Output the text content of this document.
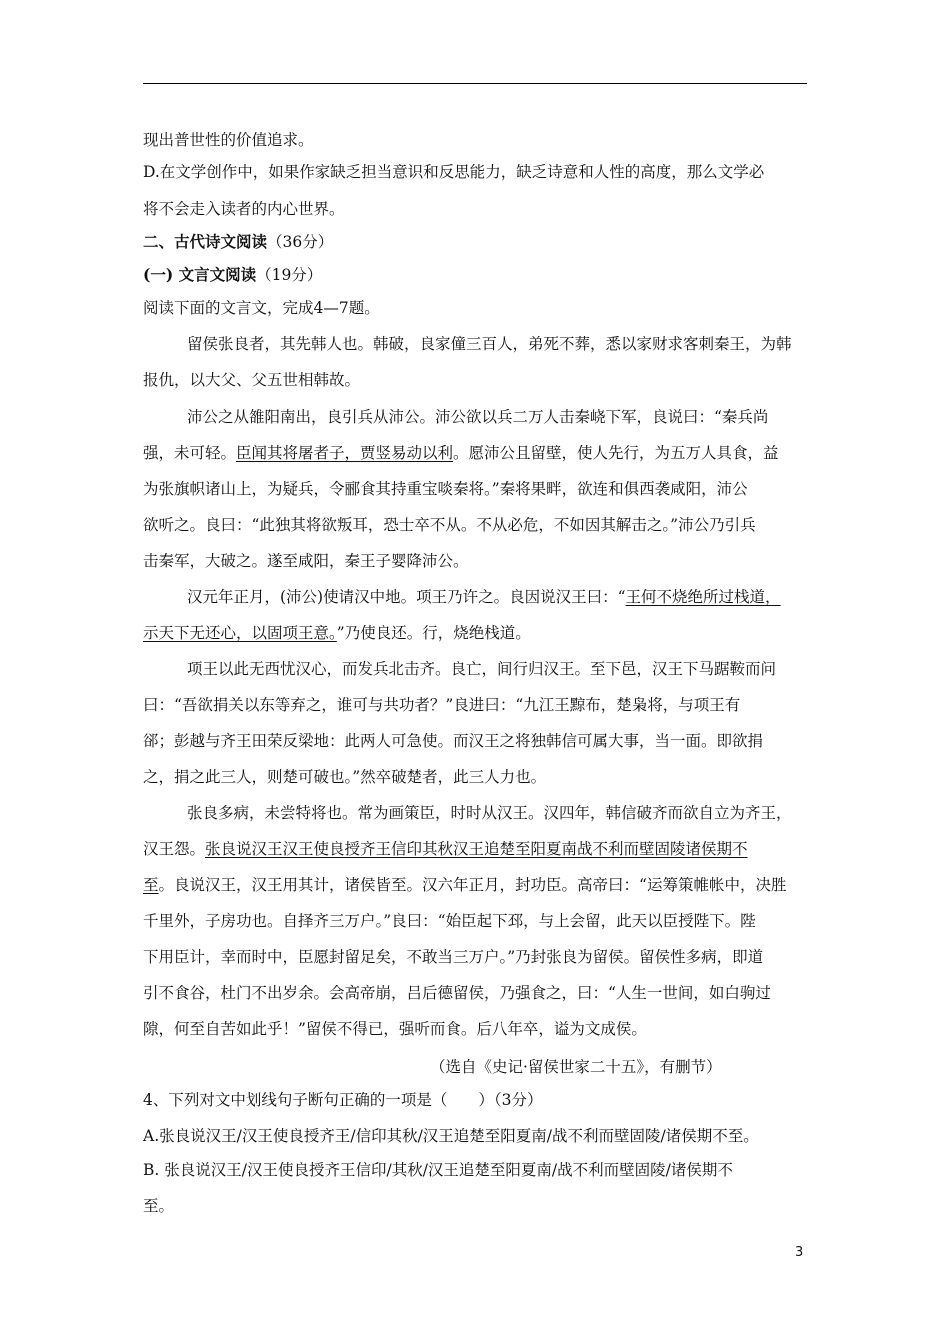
现出普世性的价值追求。
D.在文学创作中，如果作家缺乏担当意识和反思能力，缺乏诗意和人性的高度，那么文学必
将不会走入读者的内心世界。
二、古代诗文阅读（36分）
(一) 文言文阅读（19分）
阅读下面的文言文，完成4—7题。
留侯张良者，其先韩人也。韩破，良家僮三百人，弟死不葬，悉以家财求客刺秦王，为韩
报仇，以大父、父五世相韩故。
沛公之从雒阳南出，良引兵从沛公。沛公欲以兵二万人击秦峣下军，良说曰：“秦兵尚
强，未可轻。臣闻其将屠者子，贾竖易动以利。愿沛公且留壁，使人先行，为五万人具食，益
为张旗帜诸山上，为疑兵，令郦食其持重宝啖秦将。”秦将果畔，欲连和俱西袭咸阳，沛公
欲听之。良曰：“此独其将欲叛耳，恐士卒不从。不从必危，不如因其解击之。”沛公乃引兵
击秦军，大破之。遂至咸阳，秦王子婴降沛公。
汉元年正月，(沛公)使请汉中地。项王乃许之。良因说汉王曰：“王何不烧绝所过栈道，
示天下无还心，以固项王意。”乃使良还。行，烧绝栈道。
项王以此无西忧汉心，而发兵北击齐。良亡，间行归汉王。至下邑，汉王下马踞鞍而问
曰：“吾欲捐关以东等弃之，谁可与共功者？”良进曰：“九江王黥布，楚枭将，与项王有
郤；彭越与齐王田荣反梁地：此两人可急使。而汉王之将独韩信可属大事，当一面。即欲捐
之，捐之此三人，则楚可破也。”然卒破楚者，此三人力也。
张良多病，未尝特将也。常为画策臣，时时从汉王。汉四年，韩信破齐而欲自立为齐王，
汉王怨。张良说汉王汉王使良授齐王信印其秋汉王追楚至阳夏南战不利而壁固陵诸侯期不
至。良说汉王，汉王用其计，诸侯皆至。汉六年正月，封功臣。高帝曰：“运筹策帷帐中，决胜
千里外，子房功也。自择齐三万户。”良曰：“始臣起下邳，与上会留，此天以臣授陛下。陛
下用臣计，幸而时中，臣愿封留足矣，不敢当三万户。”乃封张良为留侯。留侯性多病，即道
引不食谷，杜门不出岁余。会高帝崩，吕后德留侯，乃强食之，曰：“人生一世间，如白驹过
隙，何至自苦如此乎！”留侯不得已，强听而食。后八年卒，谥为文成侯。
（选自《史记·留侯世家二十五》，有删节）
4、下列对文中划线句子断句正确的一项是（　　）（3分）
A.张良说汉王/汉王使良授齐王/信印其秋/汉王追楚至阳夏南/战不利而壁固陵/诸侯期不至。
B. 张良说汉王/汉王使良授齐王信印/其秋/汉王追楚至阳夏南/战不利而壁固陵/诸侯期不
至。
3
